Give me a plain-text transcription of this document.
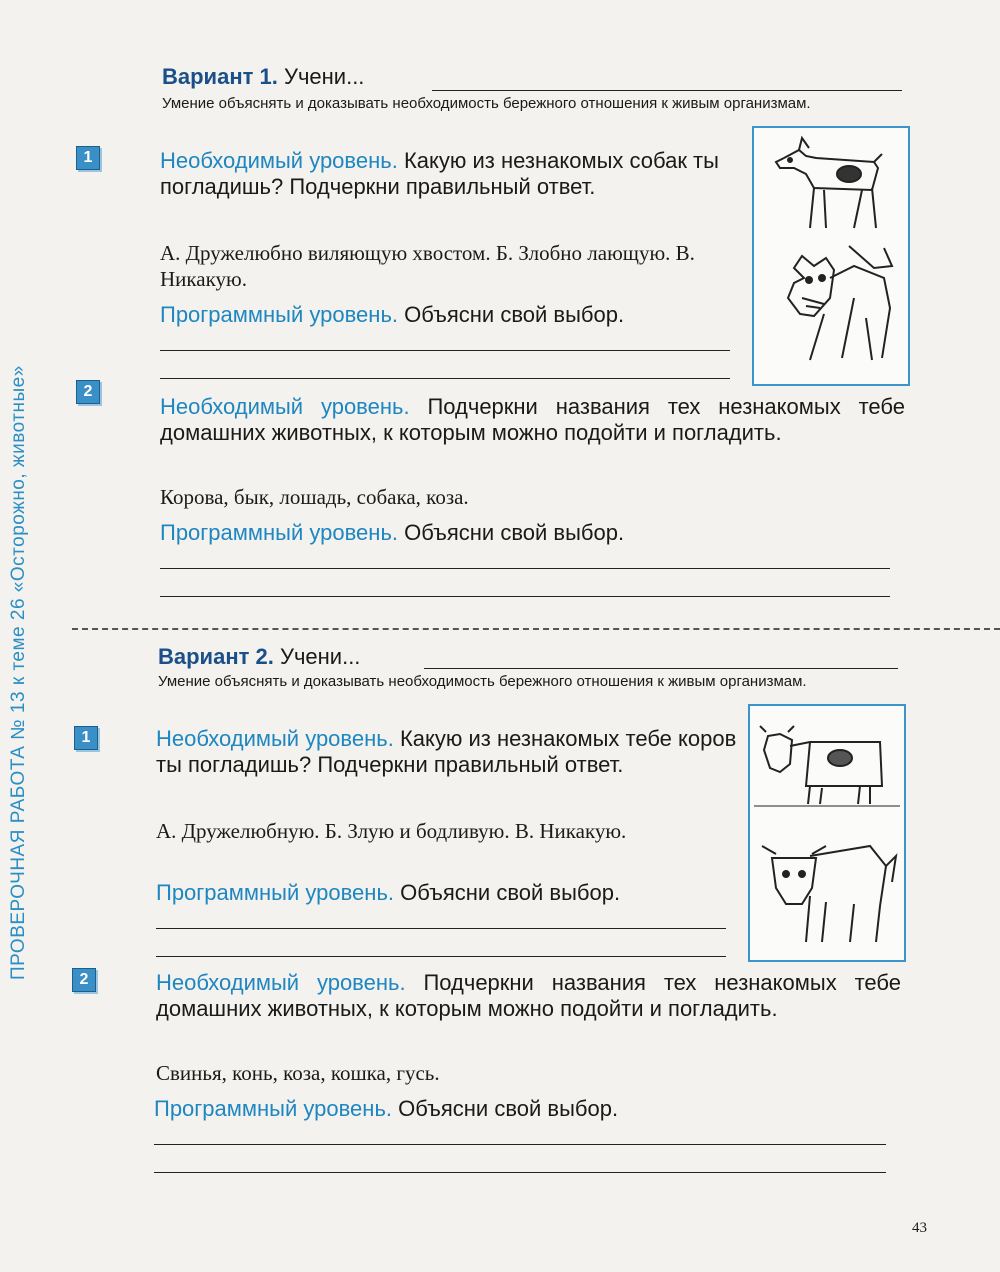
ПРОВЕРОЧНАЯ РАБОТА № 13 к теме 26 «Осторожно, животные»
Вариант 1. Учени...
Умение объяснять и доказывать необходимость бережного отношения к живым организмам.
1	Необходимый уровень. Какую из незнакомых собак ты погладишь? Подчеркни правильный ответ.
А. Дружелюбно виляющую хвостом. Б. Злобно лающую. В. Никакую.
Программный уровень. Объясни свой выбор.
2
Необходимый уровень. Подчеркни названия тех незнакомых тебе домашних животных, к которым можно подойти и погладить.
Корова, бык, лошадь, собака, коза.
Программный уровень. Объясни свой выбор.
Вариант 2. Учени...
Умение объяснять и доказывать необходимость бережного отношения к живым организмам.
1	Необходимый уровень. Какую из незнакомых тебе коров ты погладишь? Подчеркни правильный ответ.
А. Дружелюбную. Б. Злую и бодливую. В. Никакую.
Программный уровень. Объясни свой выбор.
2	Необходимый уровень. Подчеркни названия тех незнакомых тебе домашних животных, к которым можно подойти и погладить.
Свинья, конь, коза, кошка, гусь.
Программный уровень. Объясни свой выбор.
43
